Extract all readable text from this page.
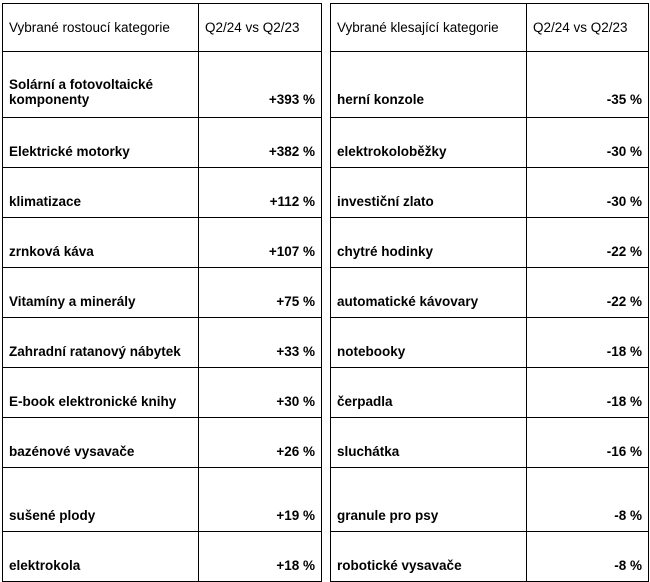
Vybrané rostoucí kategorie	Q2/24 vs Q2/23
Solární a fotovoltaické komponenty	+393 %
Elektrické motorky	+382 %
klimatizace	+112 %
zrnková káva	+107 %
Vitamíny a minerály	+75 %
Zahradní ratanový nábytek	+33 %
E-book elektronické knihy	+30 %
bazénové vysavače	+26 %
sušené plody	+19 %
elektrokola	+18 %
Vybrané klesající kategorie	Q2/24 vs Q2/23
herní konzole	-35 %
elektrokoloběžky	-30 %
investiční zlato	-30 %
chytré hodinky	-22 %
automatické kávovary	-22 %
notebooky	-18 %
čerpadla	-18 %
sluchátka	-16 %
granule pro psy	-8 %
robotické vysavače	-8 %
